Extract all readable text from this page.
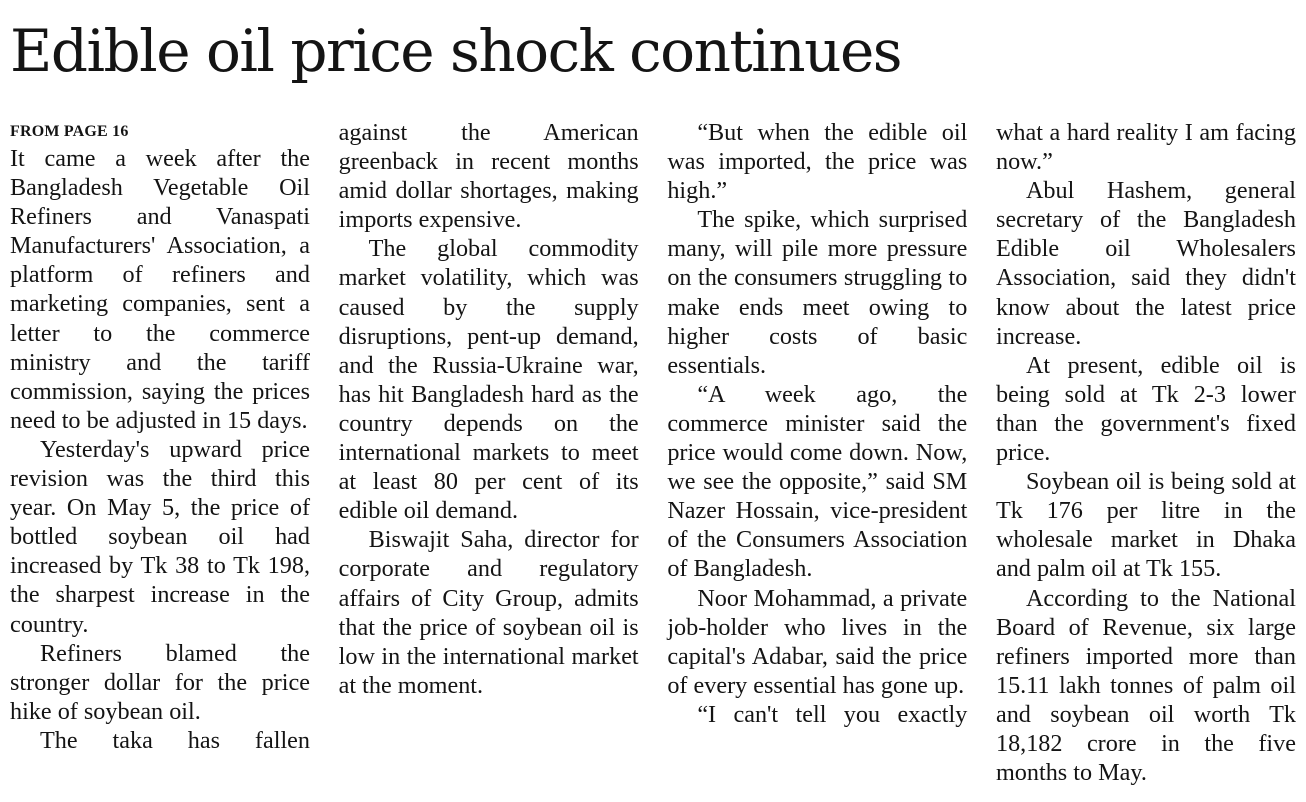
Edible oil price shock continues
FROM PAGE 16

It came a week after the Bangladesh Vegetable Oil Refiners and Vanaspati Manufacturers' Association, a platform of refiners and marketing companies, sent a letter to the commerce ministry and the tariff commission, saying the prices need to be adjusted in 15 days.

Yesterday's upward price revision was the third this year. On May 5, the price of bottled soybean oil had increased by Tk 38 to Tk 198, the sharpest increase in the country.

Refiners blamed the stronger dollar for the price hike of soybean oil.

The taka has fallen

against the American greenback in recent months amid dollar shortages, making imports expensive.

The global commodity market volatility, which was caused by the supply disruptions, pent-up demand, and the Russia-Ukraine war, has hit Bangladesh hard as the country depends on the international markets to meet at least 80 per cent of its edible oil demand.

Biswajit Saha, director for corporate and regulatory affairs of City Group, admits that the price of soybean oil is low in the international market at the moment.

“But when the edible oil was imported, the price was high.”

The spike, which surprised many, will pile more pressure on the consumers struggling to make ends meet owing to higher costs of basic essentials.

“A week ago, the commerce minister said the price would come down. Now, we see the opposite,” said SM Nazer Hossain, vice-president of the Consumers Association of Bangladesh.

Noor Mohammad, a private job-holder who lives in the capital's Adabar, said the price of every essential has gone up.

“I can't tell you exactly

what a hard reality I am facing now.”

Abul Hashem, general secretary of the Bangladesh Edible oil Wholesalers Association, said they didn't know about the latest price increase.

At present, edible oil is being sold at Tk 2-3 lower than the government's fixed price.

Soybean oil is being sold at Tk 176 per litre in the wholesale market in Dhaka and palm oil at Tk 155.

According to the National Board of Revenue, six large refiners imported more than 15.11 lakh tonnes of palm oil and soybean oil worth Tk 18,182 crore in the five months to May.
